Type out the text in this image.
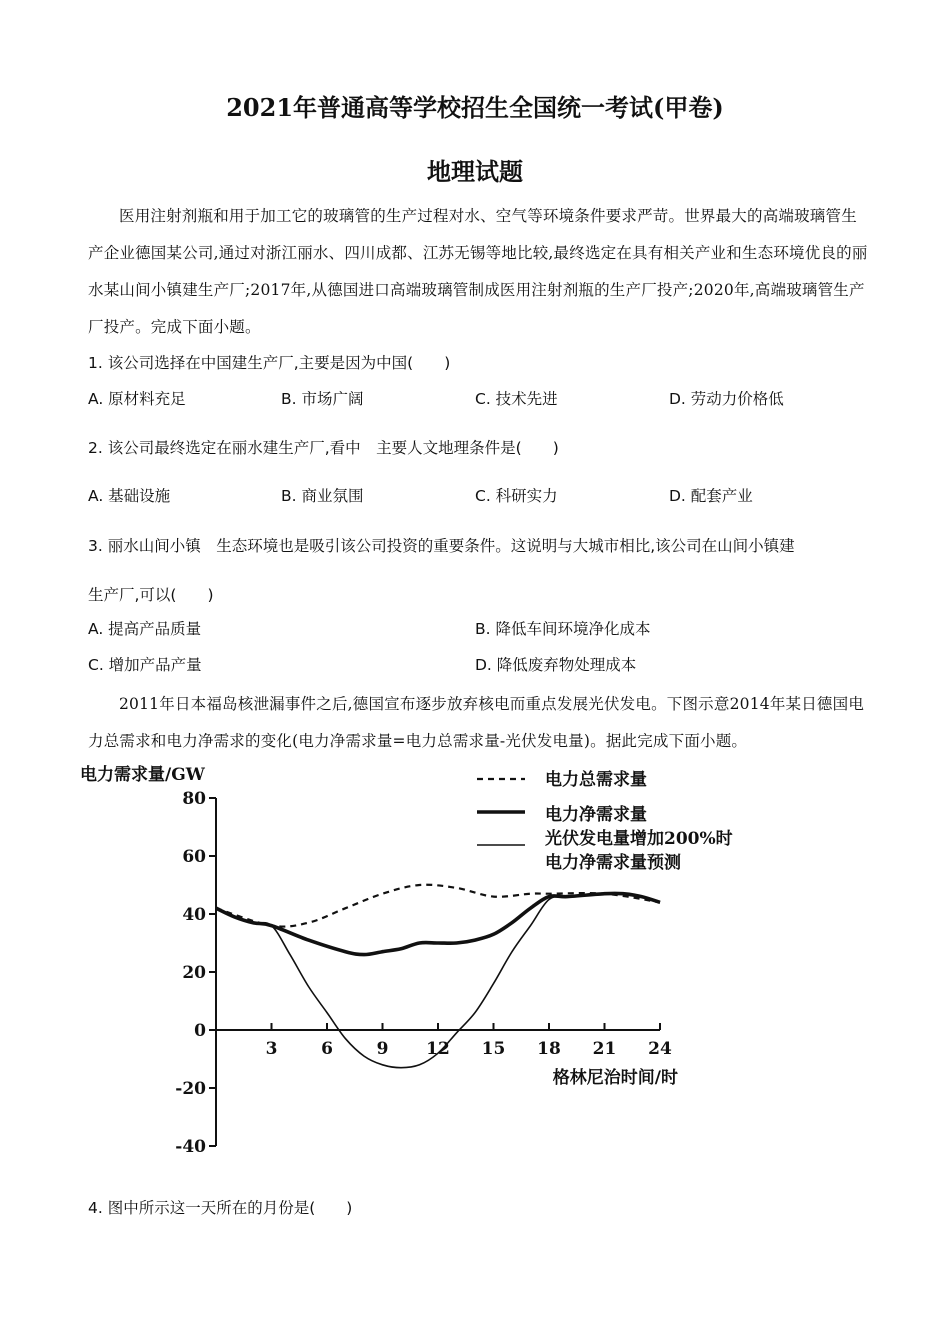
2021年普通高等学校招生全国统一考试(甲卷)
地理试题
医用注射剂瓶和用于加工它的玻璃管的生产过程对水、空气等环境条件要求严苛。世界最大的高端玻璃管生产企业德国某公司,通过对浙江丽水、四川成都、江苏无锡等地比较,最终选定在具有相关产业和生态环境优良的丽水某山间小镇建生产厂;2017年,从德国进口高端玻璃管制成医用注射剂瓶的生产厂投产;2020年,高端玻璃管生产厂投产。完成下面小题。
1. 该公司选择在中国建生产厂,主要是因为中国(　　)
A. 原材料充足	B. 市场广阔	C. 技术先进	D. 劳动力价格低
2. 该公司最终选定在丽水建生产厂,看中　主要人文地理条件是(　　)
A. 基础设施	B. 商业氛围	C. 科研实力	D. 配套产业
3. 丽水山间小镇　生态环境也是吸引该公司投资的重要条件。这说明与大城市相比,该公司在山间小镇建
生产厂,可以(　　)
A. 提高产品质量	B. 降低车间环境净化成本
C. 增加产品产量	D. 降低废弃物处理成本
2011年日本福岛核泄漏事件之后,德国宣布逐步放弃核电而重点发展光伏发电。下图示意2014年某日德国电力总需求和电力净需求的变化(电力净需求量=电力总需求量-光伏发电量)。据此完成下面小题。
80
60
40
20
0
-20
-40
3	6	9 12 15 18 21 24
电力需求量/GW
格林尼治时间/时
电力总需求量
电力净需求量
光伏发电量增加200%时
电力净需求量预测
4. 图中所示这一天所在的月份是(　　)
